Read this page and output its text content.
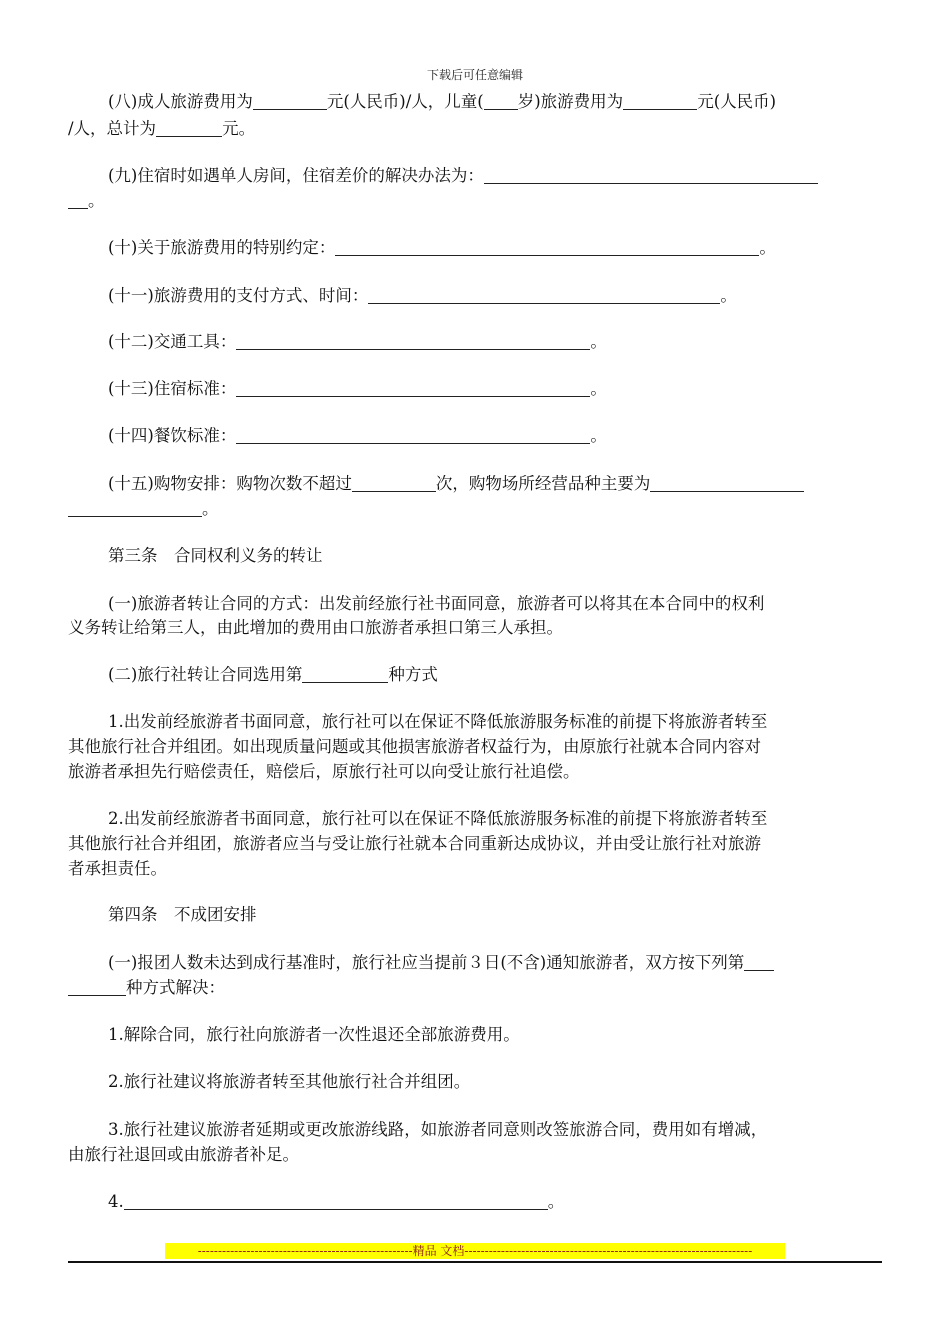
下载后可任意编辑
(八)成人旅游费用为	元(人民币)/人，儿童( 岁)旅游费用为	元(人民币)
/人，总计为	元。
(九)住宿时如遇单人房间，住宿差价的解决办法为：
。
(十)关于旅游费用的特别约定：	。
(十一)旅游费用的支付方式、时间：	。
(十二)交通工具：	。
(十三)住宿标准：	。
(十四)餐饮标准：	。
(十五)购物安排：购物次数不超过	次，购物场所经营品种主要为
。
第三条　合同权利义务的转让
(一)旅游者转让合同的方式：出发前经旅行社书面同意，旅游者可以将其在本合同中的权利
义务转让给第三人，由此增加的费用由口旅游者承担口第三人承担。
(二)旅行社转让合同选用第	种方式
1.出发前经旅游者书面同意，旅行社可以在保证不降低旅游服务标准的前提下将旅游者转至
其他旅行社合并组团。如出现质量问题或其他损害旅游者权益行为，由原旅行社就本合同内容对
旅游者承担先行赔偿责任，赔偿后，原旅行社可以向受让旅行社追偿。
2.出发前经旅游者书面同意，旅行社可以在保证不降低旅游服务标准的前提下将旅游者转至
其他旅行社合并组团，旅游者应当与受让旅行社就本合同重新达成协议，并由受让旅行社对旅游
者承担责任。
第四条　不成团安排
(一)报团人数未达到成行基准时，旅行社应当提前３日(不含)通知旅游者，双方按下列第
种方式解决：
1.解除合同，旅行社向旅游者一次性退还全部旅游费用。
2.旅行社建议将旅游者转至其他旅行社合并组团。
3.旅行社建议旅游者延期或更改旅游线路，如旅游者同意则改签旅游合同，费用如有增减，
由旅行社退回或由旅游者补足。
4.	。
-----------------------------------------------------精品 文档-----------------------------------------------------------------------
